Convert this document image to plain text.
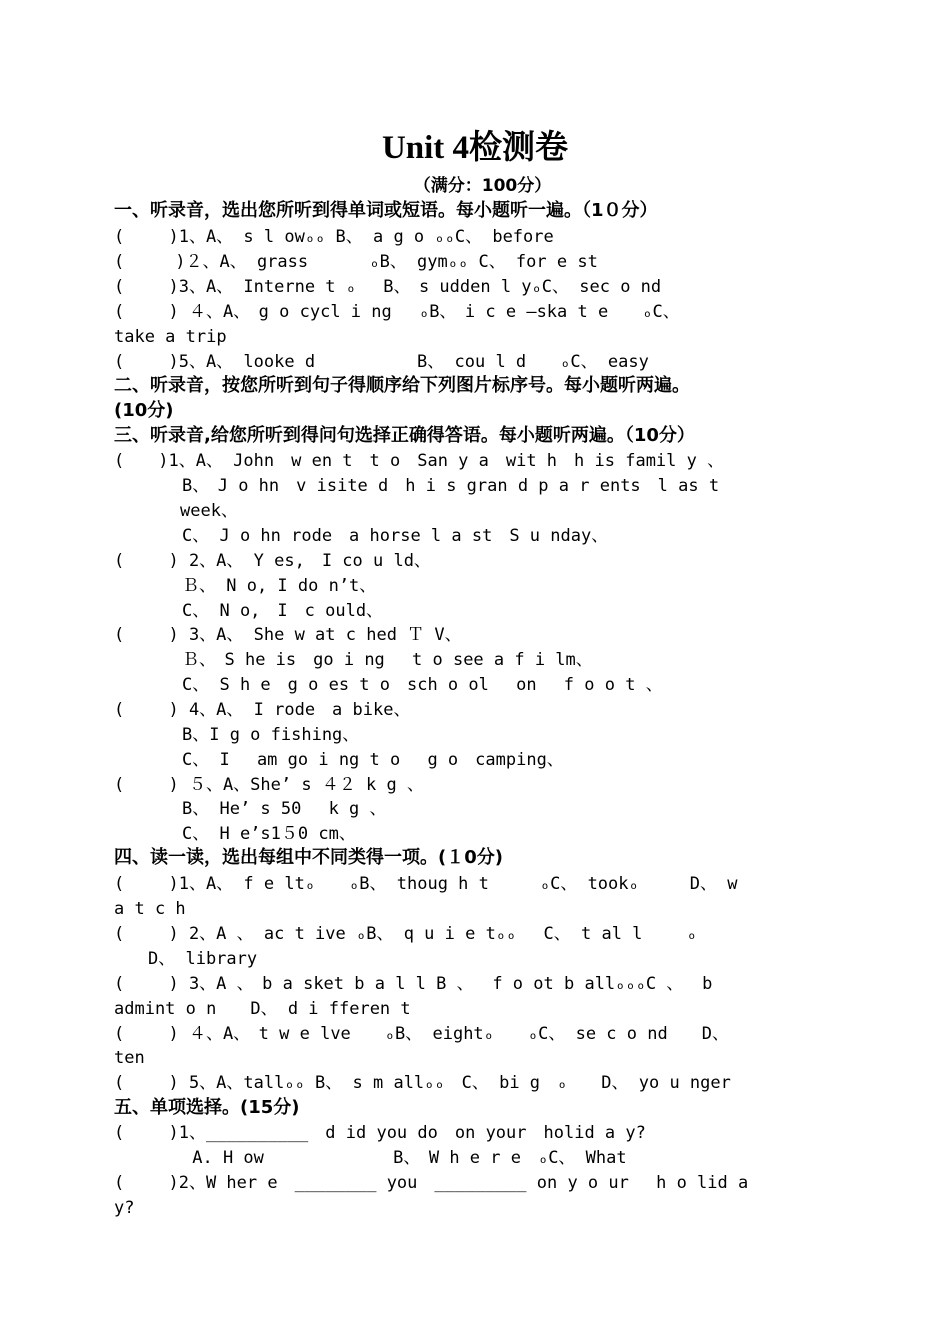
Unit 4检测卷
（满分：100分）
一、听录音，选出您所听到得单词或短语。每小题听一遍。（1０分）
(　　 )1、A、 s l owₒₒ B、 a g o ₒₒC、 before
(　　　)２、A、 grass　　　 ₒB、 gymₒₒ C、 for e st
(　　 )3、A、 Interne t ₒ　 B、　s udden l yₒC、 sec o nd
(　　 ) ４、A、　g o cycl i ng　 ₒB、　i c e ―ska t e　　ₒC、
take a trip
(　　 )5、A、 looke d　　　　　　B、 cou l d　　ₒC、 easy
二、听录音，按您所听到句子得顺序给下列图片标序号。每小题听两遍。
(10分)
三、听录音,给您所听到得问句选择正确得答语。每小题听两遍。（10分）
(　　)1、A、 John　w en t　t o　San y a　wit h　h is famil y 、
　　　　B、　J o hn　v isite d　h i s gran d p a r ents　l as t
week、
　　　　C、 J o hn rode　a horse l a st　S u nday、
(　　 ) 2、A、 Y es,　I co u ld、
　　　　Ｂ、 N o, I do n’t、
　　　　C、 N o,　I　c ould、
(　　 ) 3、A、 She w at c hed Ｔ V、
　　　　Ｂ、　S he is　go i ng　 t o see a f i lm、
　　　　C、 S h e　g o es t o　sch o ol　 on　 f o o t 、
(　　 ) 4、A、 I rode　a bike、
　　　　B、I g o fishing、
　　　　C、 I　 am go i ng t o　 g o　camping、
(　　 ) ５、A、She’ s ４２ k g 、
　　　　B、 He’ s 50　 k g 、
　　　　C、 H e’s1５0 cm、
四、读一读，选出每组中不同类得一项。(１0分)
(　　 )1、A、 f e ltₒ　　ₒB、 thoug h t　　　ₒC、 tookₒ　　　D、 w
a t c h
(　　 ) 2、A 、 ac t ive ₒB、 q u i e tₒₒ　 C、 t al l　　 ₒ
　　D、 library
(　　 ) 3、A 、　b a sket b a l l B 、　 f o ot b allₒₒₒC 、　 b
admint o n　　D、 d i fferen t
(　　 ) ４、A、　t w e lve　　ₒB、 eightₒ　　ₒC、 se c o nd　　D、
ten
(　　 ) 5、A、tallₒₒ B、 s m allₒₒ　C、 bi g　ₒ　　D、 yo u nger
五、单项选择。(15分)
(　　 )1、__________　d id you do　on your　holid a y?
　　　　 A. H ow　　　　　　　 B、　W h e r e　ₒC、 What
(　　 )2、W her e　________ you　_________ on y o ur　 h o lid a
y?
